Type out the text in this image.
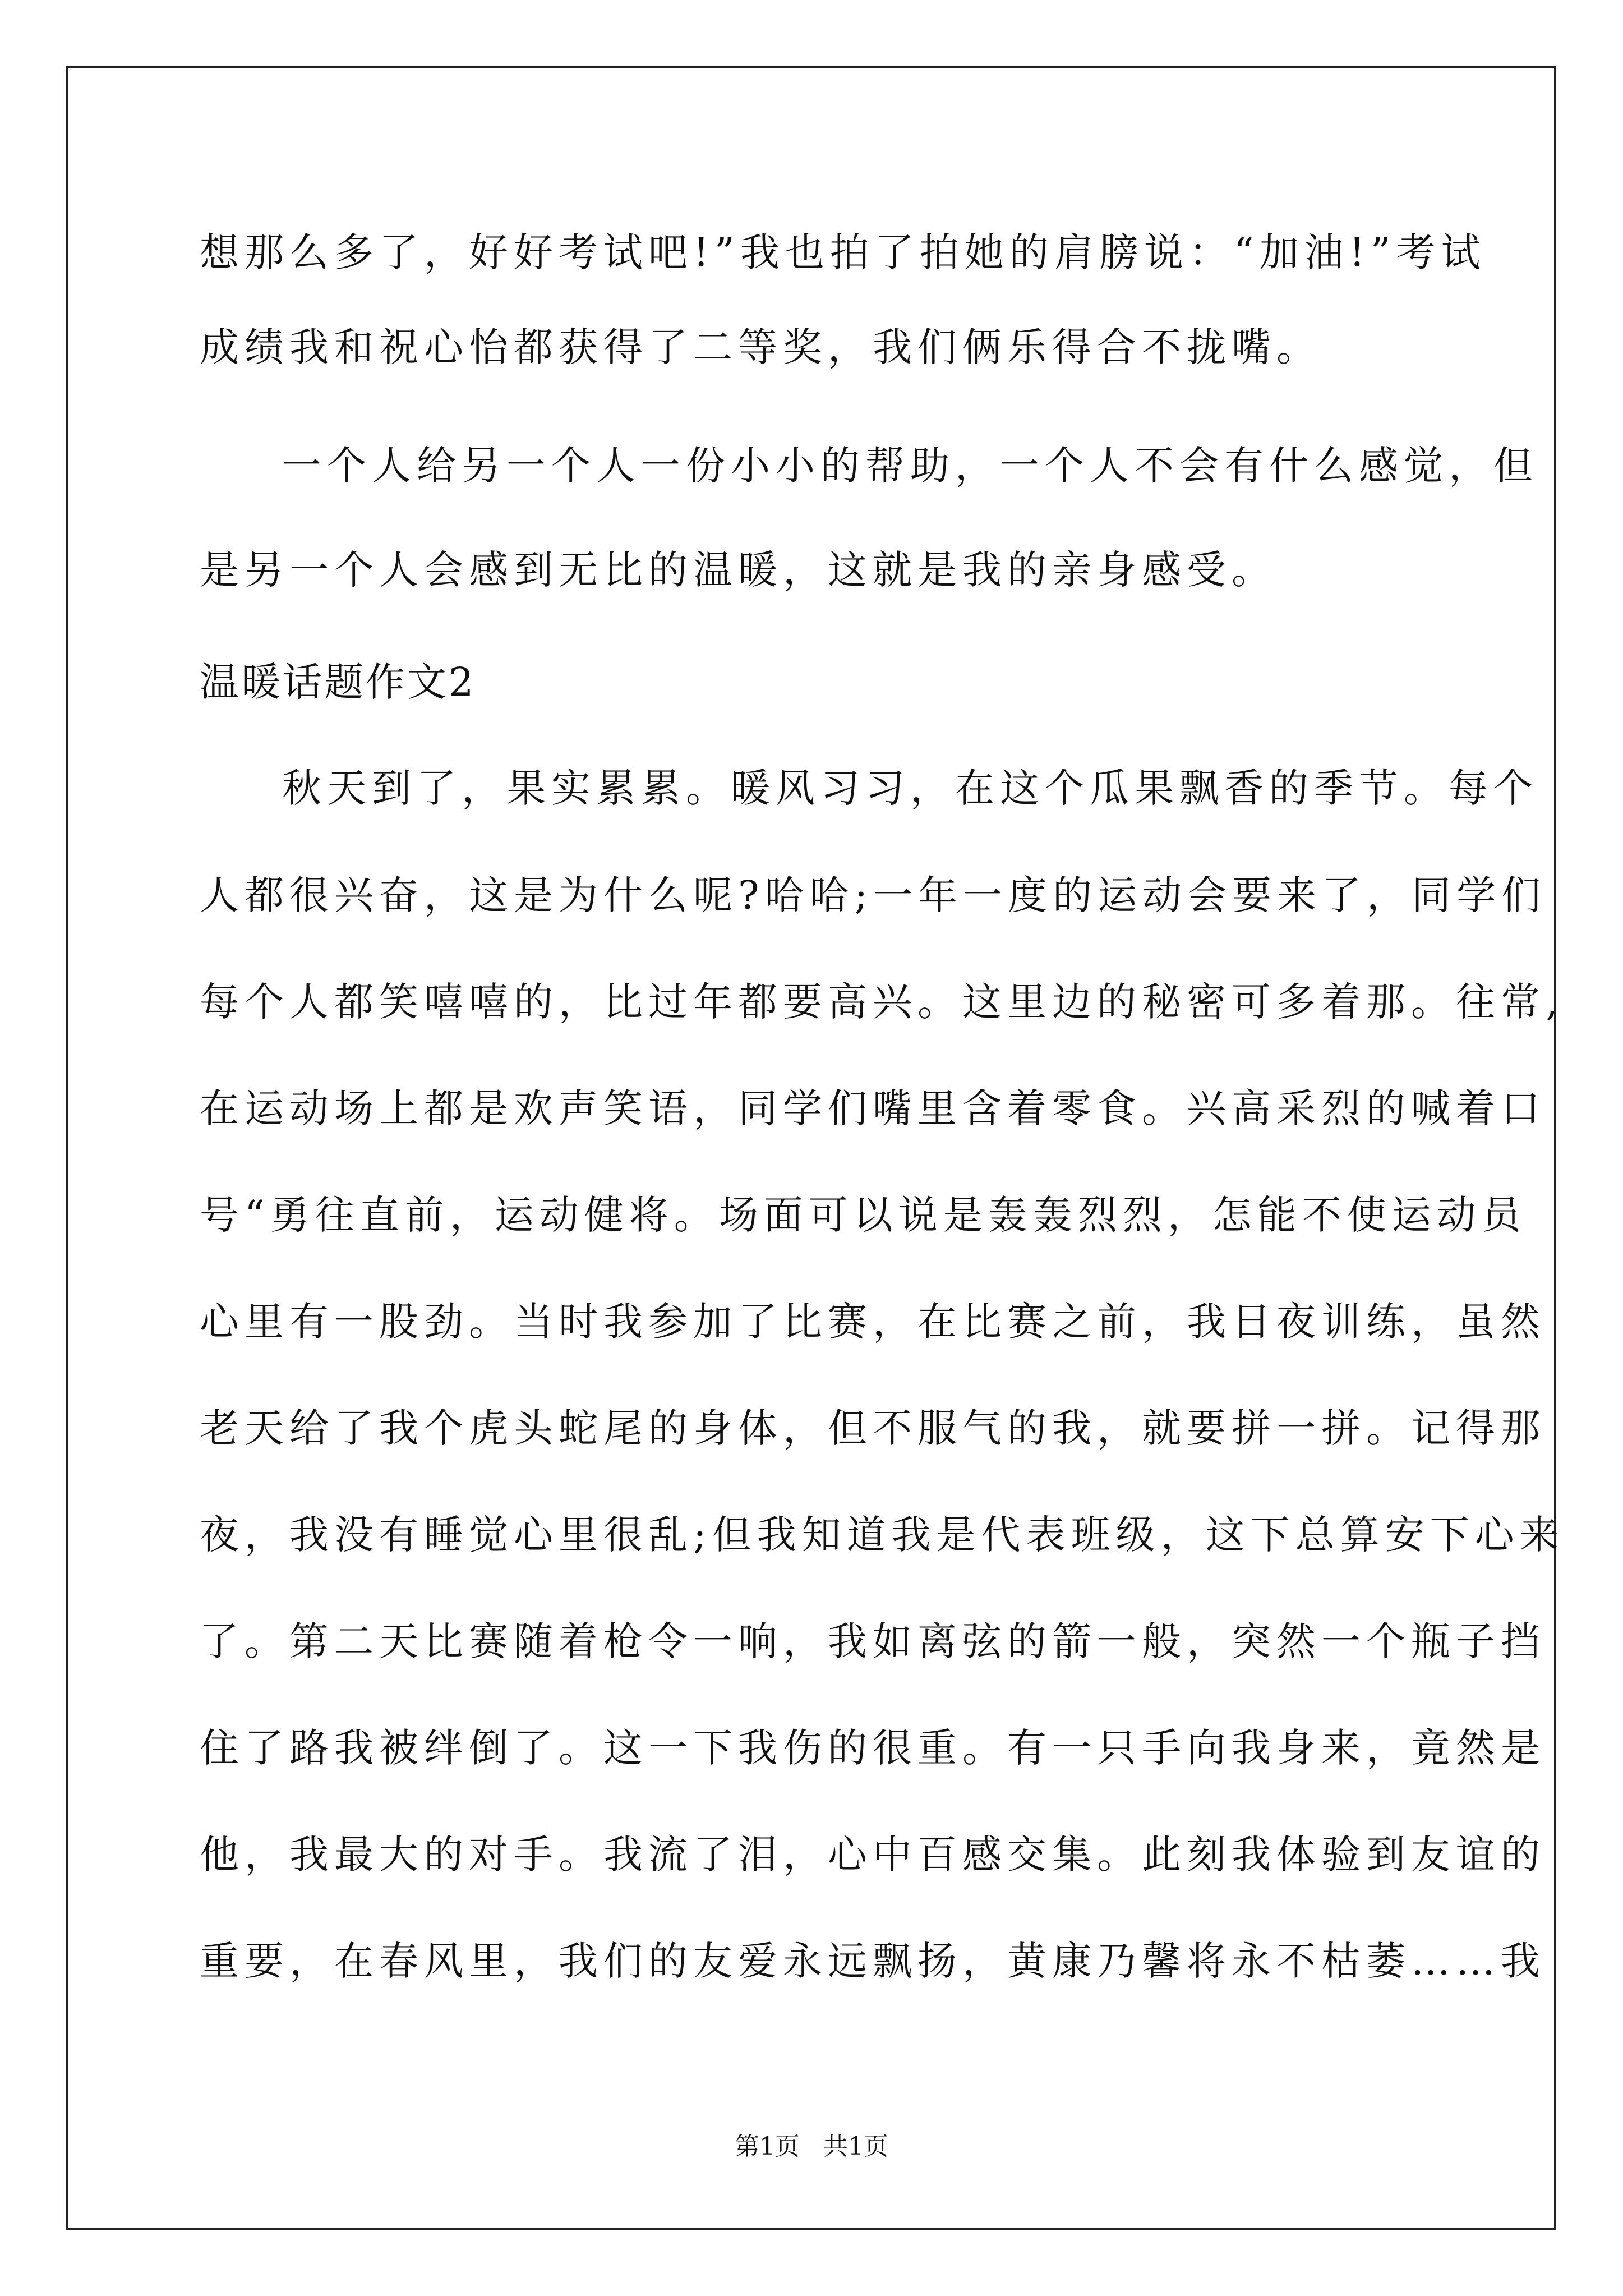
想那么多了，好好考试吧!”我也拍了拍她的肩膀说：“加油!”考试
成绩我和祝心怡都获得了二等奖，我们俩乐得合不拢嘴。
一个人给另一个人一份小小的帮助，一个人不会有什么感觉，但
是另一个人会感到无比的温暖，这就是我的亲身感受。
温暖话题作文2
秋天到了，果实累累。暖风习习，在这个瓜果飘香的季节。每个
人都很兴奋，这是为什么呢?哈哈;一年一度的运动会要来了，同学们
每个人都笑嘻嘻的，比过年都要高兴。这里边的秘密可多着那。往常,
在运动场上都是欢声笑语，同学们嘴里含着零食。兴高采烈的喊着口
号“勇往直前，运动健将。场面可以说是轰轰烈烈，怎能不使运动员
心里有一股劲。当时我参加了比赛，在比赛之前，我日夜训练，虽然
老天给了我个虎头蛇尾的身体，但不服气的我，就要拼一拼。记得那
夜，我没有睡觉心里很乱;但我知道我是代表班级，这下总算安下心来
了。第二天比赛随着枪令一响，我如离弦的箭一般，突然一个瓶子挡
住了路我被绊倒了。这一下我伤的很重。有一只手向我身来，竟然是
他，我最大的对手。我流了泪，心中百感交集。此刻我体验到友谊的
重要，在春风里，我们的友爱永远飘扬，黄康乃馨将永不枯萎……我
第1页   共1页
